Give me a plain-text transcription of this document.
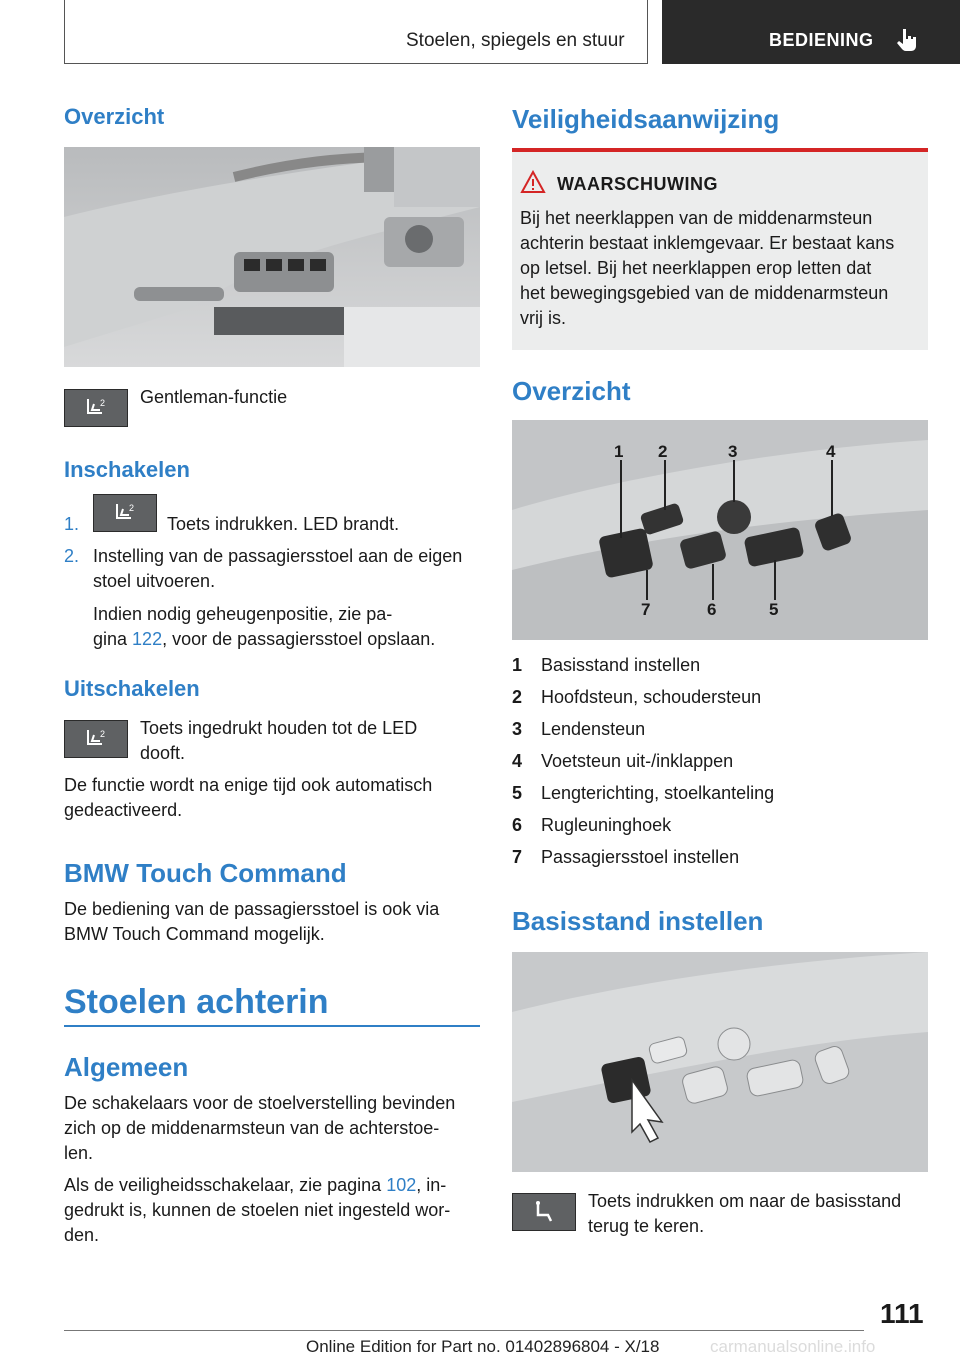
Stoelen, spiegels en stuur	BEDIENING
Overzicht
2 Gentleman-functie
Inschakelen
1.
2
Toets indrukken. LED brandt.
2. Instelling van de passagiersstoel aan de eigen
stoel uitvoeren.
Indien nodig geheugenpositie, zie pa‐
gina 122, voor de passagiersstoel opslaan.
Uitschakelen
2 Toets ingedrukt houden tot de LED
dooft.
De functie wordt na enige tijd ook automatisch
gedeactiveerd.
BMW Touch Command
De bediening van de passagiersstoel is ook via
BMW Touch Command mogelijk.
Stoelen achterin
Algemeen
De schakelaars voor de stoelverstelling bevinden
zich op de middenarmsteun van de achterstoe‐
len.
Als de veiligheidsschakelaar, zie pagina 102, in‐
gedrukt is, kunnen de stoelen niet ingesteld wor‐
den.
Veiligheidsaanwijzing
WAARSCHUWING
Bij het neerklappen van de middenarmsteun
achterin bestaat inklemgevaar. Er bestaat kans
op letsel. Bij het neerklappen erop letten dat
het bewegingsgebied van de middenarmsteun
vrij is.
Overzicht
1 2	3	4
7	6	5
1 Basisstand instellen
2 Hoofdsteun, schoudersteun
3 Lendensteun
4 Voetsteun uit-/inklappen
5 Lengterichting, stoelkanteling
6 Rugleuninghoek
7 Passagiersstoel instellen
Basisstand instellen
Toets indrukken om naar de basisstand
terug te keren.
111
Online Edition for Part no. 01402896804 - X/18	carmanualsonline.info
